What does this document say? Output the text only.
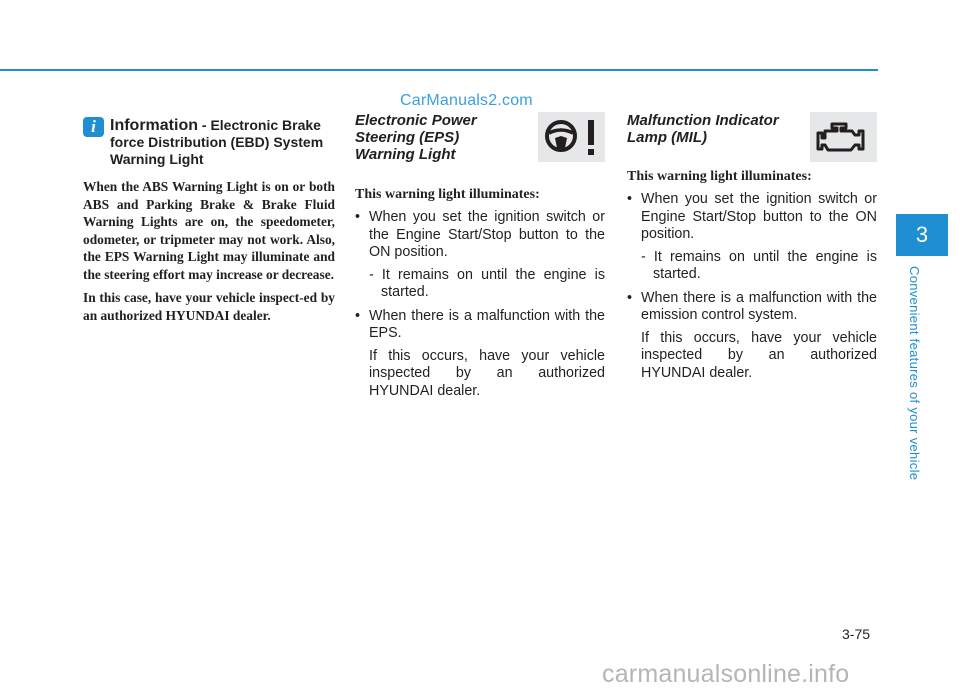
CarManuals2.com
i Information - Electronic Brake force Distribution (EBD) System Warning Light

When the ABS Warning Light is on or both ABS and Parking Brake & Brake Fluid Warning Lights are on, the speedometer, odometer, or tripmeter may not work. Also, the EPS Warning Light may illuminate and the steering effort may increase or decrease.

In this case, have your vehicle inspect-ed by an authorized HYUNDAI dealer.

Electronic Power Steering (EPS) Warning Light

This warning light illuminates:

• When you set the ignition switch or the Engine Start/Stop button to the ON position.
- It remains on until the engine is started.
• When there is a malfunction with the EPS.
If this occurs, have your vehicle inspected by an authorized HYUNDAI dealer.
Malfunction Indicator Lamp (MIL)

This warning light illuminates:

• When you set the ignition switch or Engine Start/Stop button to the ON position.
- It remains on until the engine is started.
• When there is a malfunction with the emission control system.
If this occurs, have your vehicle inspected by an authorized HYUNDAI dealer.
3
Convenient features of your vehicle
3-75
carmanualsonline.info
